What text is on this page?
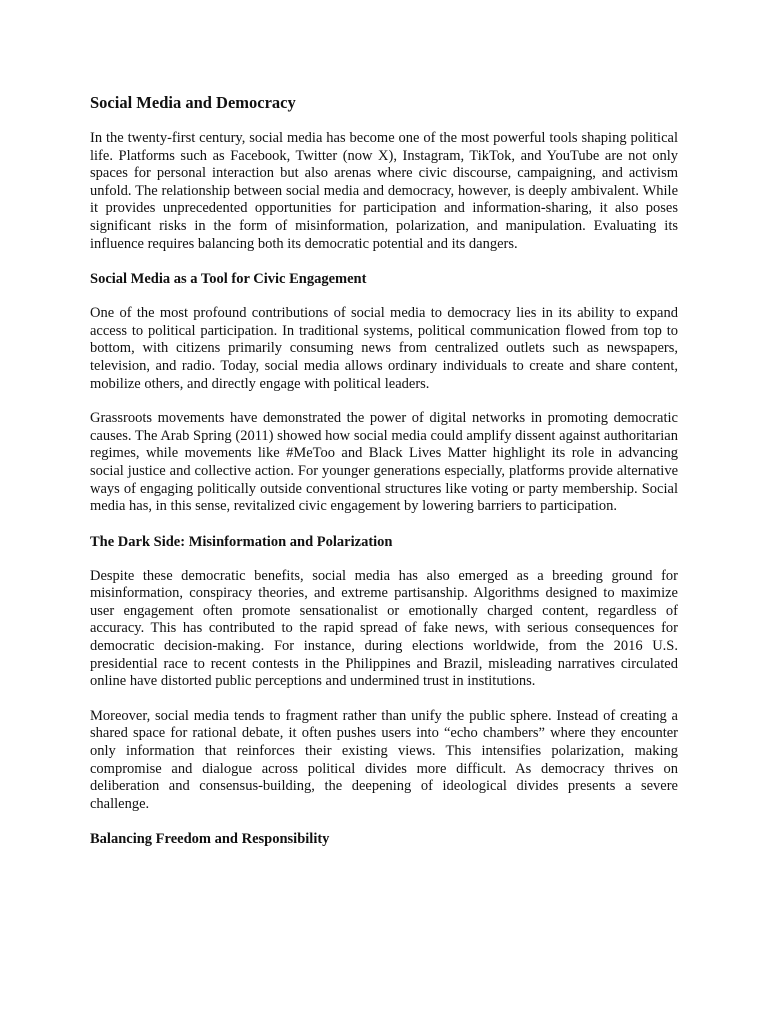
Social Media and Democracy

In the twenty-first century, social media has become one of the most powerful tools shaping political life. Platforms such as Facebook, Twitter (now X), Instagram, TikTok, and YouTube are not only spaces for personal interaction but also arenas where civic discourse, campaigning, and activism unfold. The relationship between social media and democracy, however, is deeply ambivalent. While it provides unprecedented opportunities for participation and information-sharing, it also poses significant risks in the form of misinformation, polarization, and manipulation. Evaluating its influence requires balancing both its democratic potential and its dangers.

Social Media as a Tool for Civic Engagement

One of the most profound contributions of social media to democracy lies in its ability to expand access to political participation. In traditional systems, political communication flowed from top to bottom, with citizens primarily consuming news from centralized outlets such as newspapers, television, and radio. Today, social media allows ordinary individuals to create and share content, mobilize others, and directly engage with political leaders.

Grassroots movements have demonstrated the power of digital networks in promoting democratic causes. The Arab Spring (2011) showed how social media could amplify dissent against authoritarian regimes, while movements like #MeToo and Black Lives Matter highlight its role in advancing social justice and collective action. For younger generations especially, platforms provide alternative ways of engaging politically outside conventional structures like voting or party membership. Social media has, in this sense, revitalized civic engagement by lowering barriers to participation.

The Dark Side: Misinformation and Polarization

Despite these democratic benefits, social media has also emerged as a breeding ground for misinformation, conspiracy theories, and extreme partisanship. Algorithms designed to maximize user engagement often promote sensationalist or emotionally charged content, regardless of accuracy. This has contributed to the rapid spread of fake news, with serious consequences for democratic decision-making. For instance, during elections worldwide, from the 2016 U.S. presidential race to recent contests in the Philippines and Brazil, misleading narratives circulated online have distorted public perceptions and undermined trust in institutions.

Moreover, social media tends to fragment rather than unify the public sphere. Instead of creating a shared space for rational debate, it often pushes users into “echo chambers” where they encounter only information that reinforces their existing views. This intensifies polarization, making compromise and dialogue across political divides more difficult. As democracy thrives on deliberation and consensus-building, the deepening of ideological divides presents a severe challenge.

Balancing Freedom and Responsibility
